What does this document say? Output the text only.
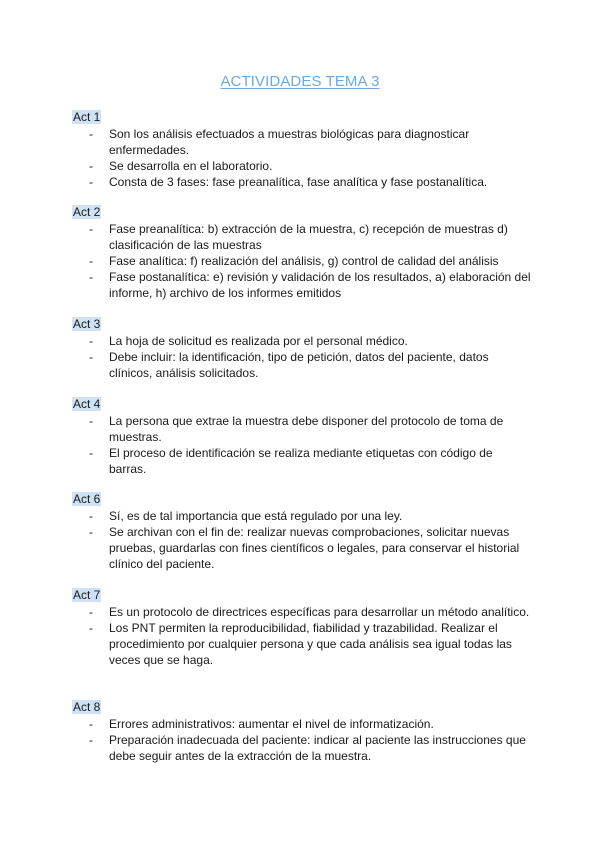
ACTIVIDADES TEMA 3
Act 1
-	Son los análisis efectuados a muestras biológicas para diagnosticar enfermedades.
-	Se desarrolla en el laboratorio.
-	Consta de 3 fases: fase preanalítica, fase analítica y fase postanalítica.
Act 2
-	Fase preanalítica: b) extracción de la muestra, c) recepción de muestras d) clasificación de las muestras
-	Fase analítica: f) realización del análisis, g) control de calidad del análisis
-	Fase postanalítica: e) revisión y validación de los resultados, a) elaboración del informe, h) archivo de los informes emitidos
Act 3
-	La hoja de solicitud es realizada por el personal médico.
-	Debe incluir: la identificación, tipo de petición, datos del paciente, datos clínicos, análisis solicitados.
Act 4
-	La persona que extrae la muestra debe disponer del protocolo de toma de muestras.
-	El proceso de identificación se realiza mediante etiquetas con código de barras.
Act 6
-	Sí, es de tal importancia que está regulado por una ley.
-	Se archivan con el fin de: realizar nuevas comprobaciones, solicitar nuevas pruebas, guardarlas con fines científicos o legales, para conservar el historial clínico del paciente.
Act 7
-	Es un protocolo de directrices específicas para desarrollar un método analítico.
-	Los PNT permiten la reproducibilidad, fiabilidad y trazabilidad. Realizar el procedimiento por cualquier persona y que cada análisis sea igual todas las veces que se haga.
Act 8
-	Errores administrativos: aumentar el nivel de informatización.
-	Preparación inadecuada del paciente: indicar al paciente las instrucciones que debe seguir antes de la extracción de la muestra.
